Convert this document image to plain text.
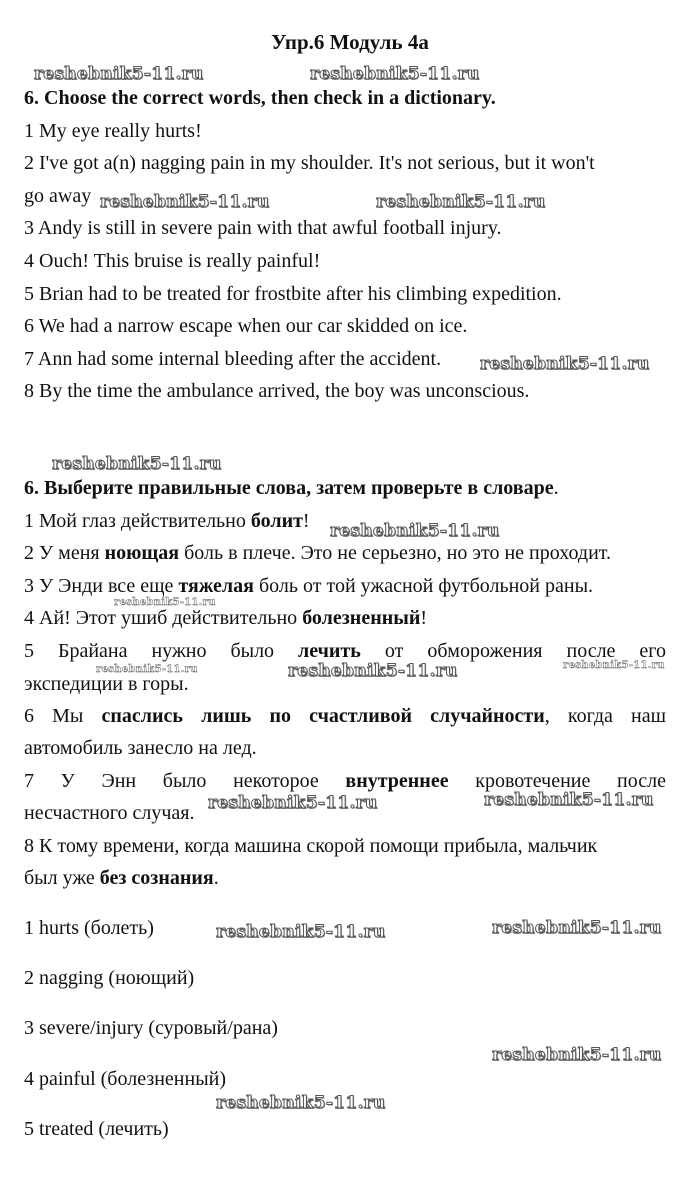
Упр.6 Модуль 4a
6. Choose the correct words, then check in a dictionary.
1 My eye really hurts!
2 I've got a(n) nagging pain in my shoulder. It's not serious, but it won't
go away
3 Andy is still in severe pain with that awful football injury.
4 Ouch! This bruise is really painful!
5 Brian had to be treated for frostbite after his climbing expedition.
6 We had a narrow escape when our car skidded on ice.
7 Ann had some internal bleeding after the accident.
8 By the time the ambulance arrived, the boy was unconscious.
6. Выберите правильные слова, затем проверьте в словаре.
1 Мой глаз действительно болит!
2 У меня ноющая боль в плече. Это не серьезно, но это не проходит.
3 У Энди все еще тяжелая боль от той ужасной футбольной раны.
4 Ай! Этот ушиб действительно болезненный!
5 Брайана нужно было лечить от обморожения после его
экспедиции в горы.
6 Мы спаслись лишь по счастливой случайности, когда наш
автомобиль занесло на лед.
7 У Энн было некоторое внутреннее кровотечение после
несчастного случая.
8 К тому времени, когда машина скорой помощи прибыла, мальчик
был уже без сознания.
1 hurts (болеть)
2 nagging (ноющий)
3 severe/injury (суровый/рана)
4 painful (болезненный)
5 treated (лечить)
reshebnik5-11.ru	reshebnik5-11.ru
reshebnik5-11.ru	reshebnik5-11.ru
reshebnik5-11.ru
reshebnik5-11.ru
reshebnik5-11.ru
reshebnik5-11.ru
reshebnik5-11.ru	reshebnik5-11.ru
reshebnik5-11.ru
reshebnik5-11.ru	reshebnik5-11.ru
reshebnik5-11.ru	reshebnik5-11.ru
reshebnik5-11.ru
reshebnik5-11.ru
